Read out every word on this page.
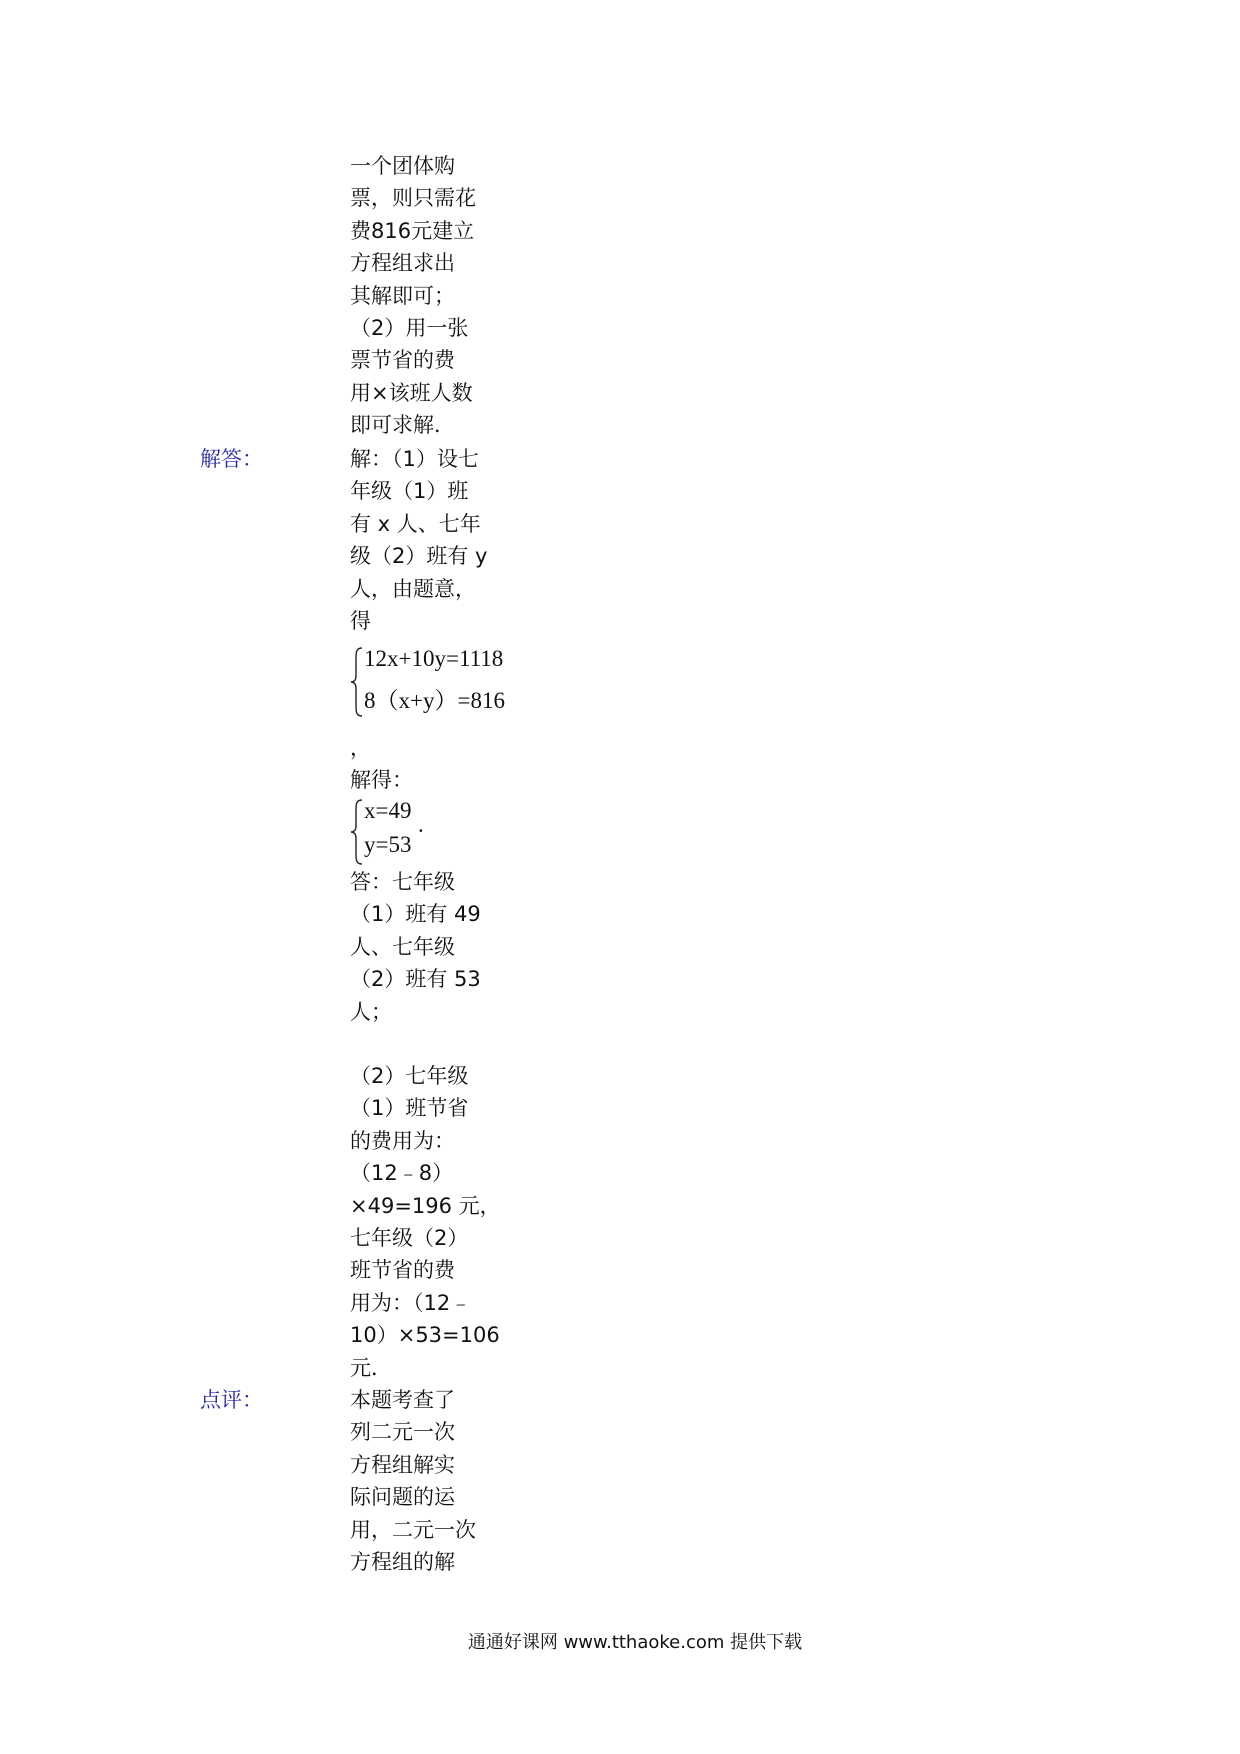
一个团体购
票，则只需花
费816元建立
方程组求出
其解即可；
（2）用一张
票节省的费
用×该班人数
即可求解．
解答：	解：（1）设七
年级（1）班
有 x 人、七年
级（2）班有 y
人，由题意，
得
12x+10y=1118
8（x+y）=816
，
解得：
x=49
y=53
.
答：七年级
（1）班有 49
人、七年级
（2）班有 53
人；
（2）七年级
（1）班节省
的费用为：
（12﹣8）
×49=196 元，
七年级（2）
班节省的费
用为：（12﹣
10）×53=106
元．
点评：	本题考查了
列二元一次
方程组解实
际问题的运
用，二元一次
方程组的解
通通好课网 www.tthaoke.com 提供下载
